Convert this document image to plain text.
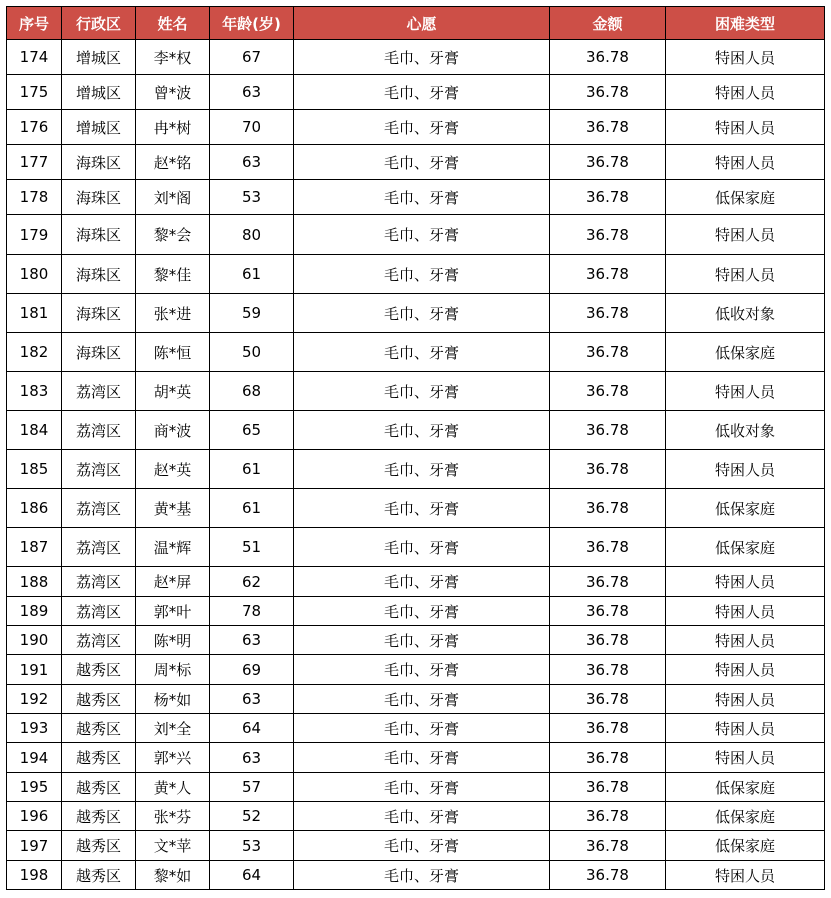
序号	行政区	姓名	年龄(岁)	心愿	金额	困难类型
174	增城区	李*权	67	毛巾、牙膏	36.78	特困人员
175	增城区	曾*波	63	毛巾、牙膏	36.78	特困人员
176	增城区	冉*树	70	毛巾、牙膏	36.78	特困人员
177	海珠区	赵*铭	63	毛巾、牙膏	36.78	特困人员
178	海珠区	刘*阁	53	毛巾、牙膏	36.78	低保家庭
179	海珠区	黎*会	80	毛巾、牙膏	36.78	特困人员
180	海珠区	黎*佳	61	毛巾、牙膏	36.78	特困人员
181	海珠区	张*进	59	毛巾、牙膏	36.78	低收对象
182	海珠区	陈*恒	50	毛巾、牙膏	36.78	低保家庭
183	荔湾区	胡*英	68	毛巾、牙膏	36.78	特困人员
184	荔湾区	商*波	65	毛巾、牙膏	36.78	低收对象
185	荔湾区	赵*英	61	毛巾、牙膏	36.78	特困人员
186	荔湾区	黄*基	61	毛巾、牙膏	36.78	低保家庭
187	荔湾区	温*辉	51	毛巾、牙膏	36.78	低保家庭
188	荔湾区	赵*屏	62	毛巾、牙膏	36.78	特困人员
189	荔湾区	郭*叶	78	毛巾、牙膏	36.78	特困人员
190	荔湾区	陈*明	63	毛巾、牙膏	36.78	特困人员
191	越秀区	周*标	69	毛巾、牙膏	36.78	特困人员
192	越秀区	杨*如	63	毛巾、牙膏	36.78	特困人员
193	越秀区	刘*全	64	毛巾、牙膏	36.78	特困人员
194	越秀区	郭*兴	63	毛巾、牙膏	36.78	特困人员
195	越秀区	黄*人	57	毛巾、牙膏	36.78	低保家庭
196	越秀区	张*芬	52	毛巾、牙膏	36.78	低保家庭
197	越秀区	文*苹	53	毛巾、牙膏	36.78	低保家庭
198	越秀区	黎*如	64	毛巾、牙膏	36.78	特困人员
